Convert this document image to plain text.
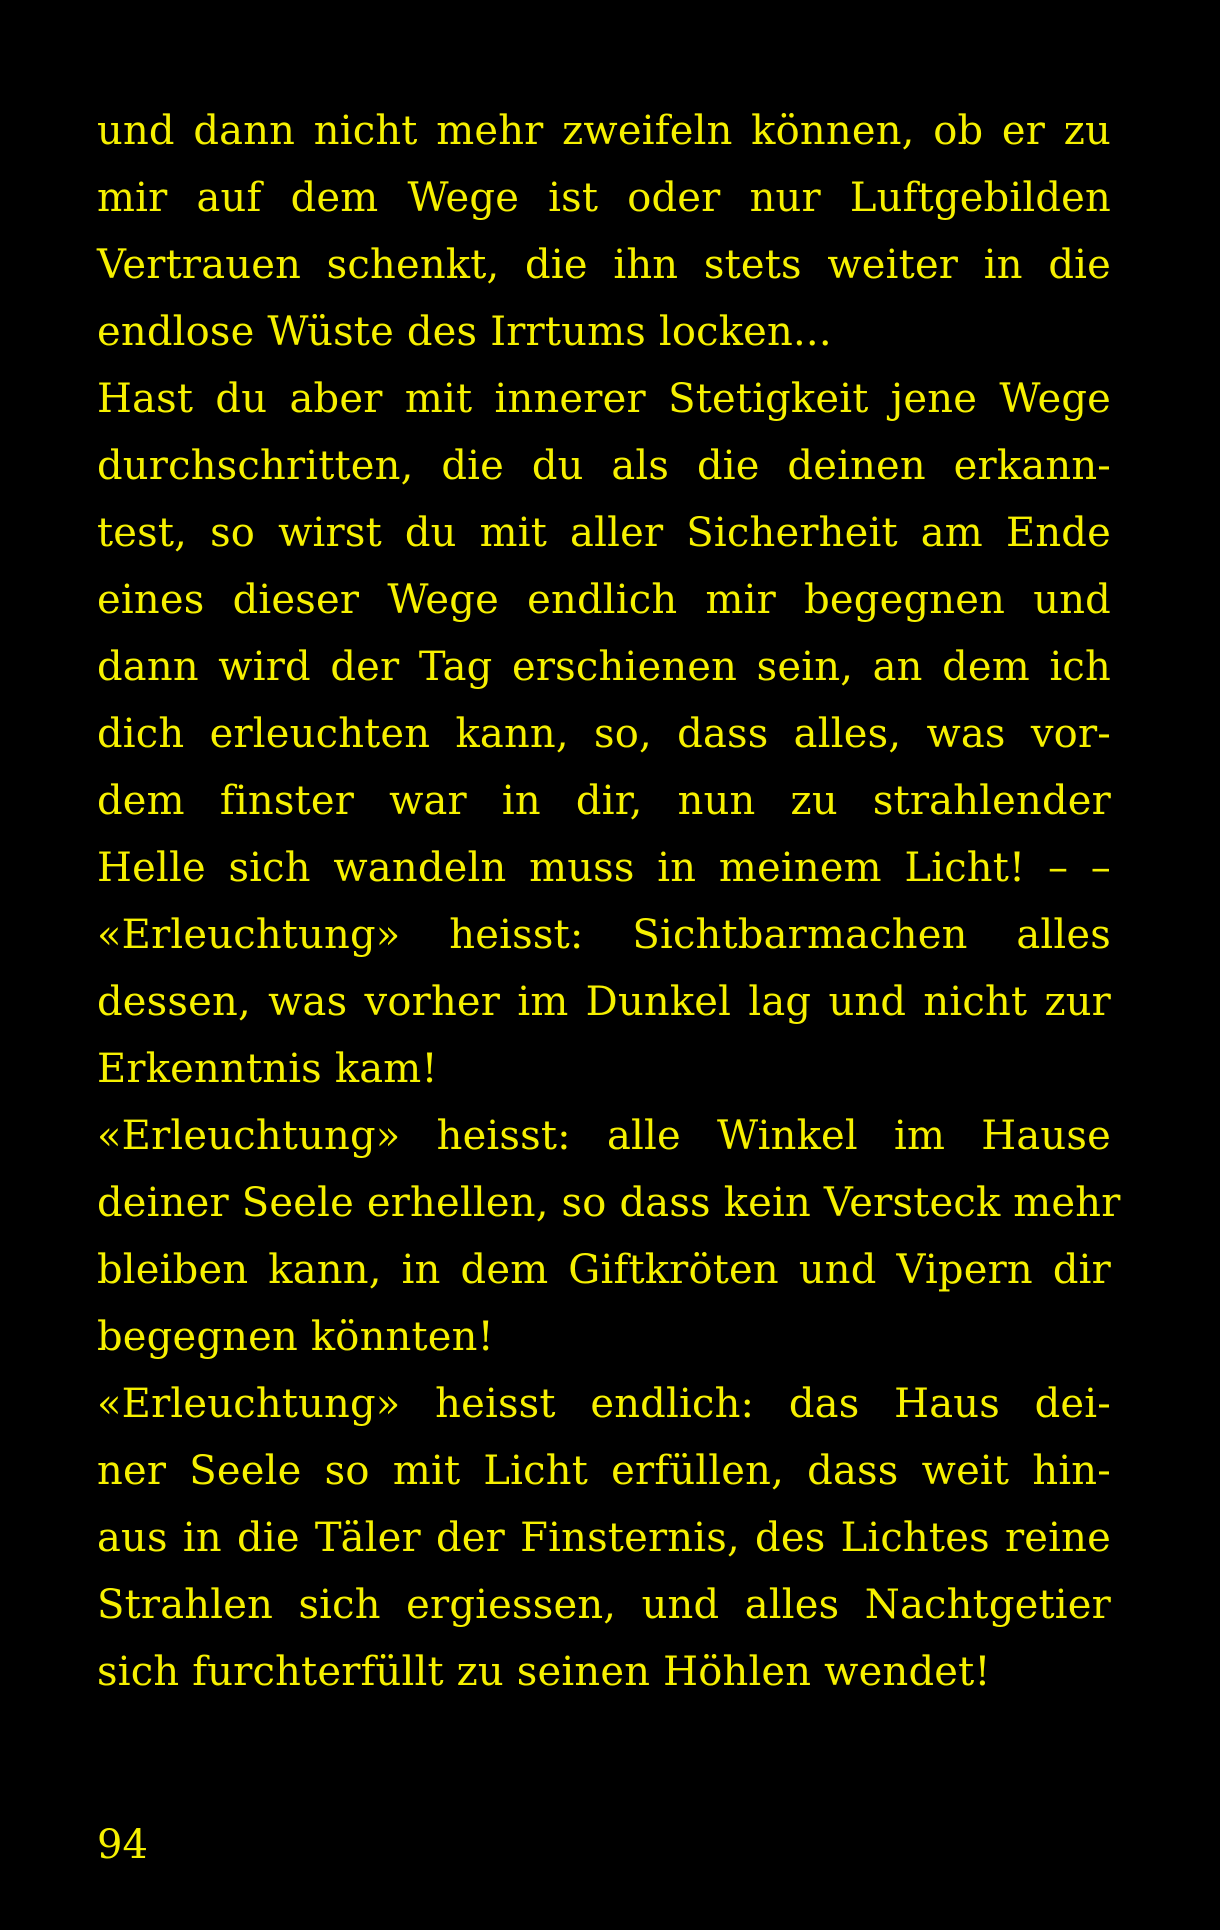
und dann nicht mehr zweifeln können, ob er zu
mir auf dem Wege ist oder nur Luftgebilden
Vertrauen schenkt, die ihn stets weiter in die
endlose Wüste des Irrtums locken...
Hast du aber mit innerer Stetigkeit jene Wege
durchschritten, die du als die deinen erkann-
test, so wirst du mit aller Sicherheit am Ende
eines dieser Wege endlich mir begegnen und
dann wird der Tag erschienen sein, an dem ich
dich erleuchten kann, so, dass alles, was vor-
dem finster war in dir, nun zu strahlender
Helle sich wandeln muss in meinem Licht! – –
«Erleuchtung» heisst: Sichtbarmachen alles
dessen, was vorher im Dunkel lag und nicht zur
Erkenntnis kam!
«Erleuchtung» heisst: alle Winkel im Hause
deiner Seele erhellen, so dass kein Versteck mehr
bleiben kann, in dem Giftkröten und Vipern dir
begegnen könnten!
«Erleuchtung» heisst endlich: das Haus dei-
ner Seele so mit Licht erfüllen, dass weit hin-
aus in die Täler der Finsternis, des Lichtes reine
Strahlen sich ergiessen, und alles Nachtgetier
sich furchterfüllt zu seinen Höhlen wendet!
94
